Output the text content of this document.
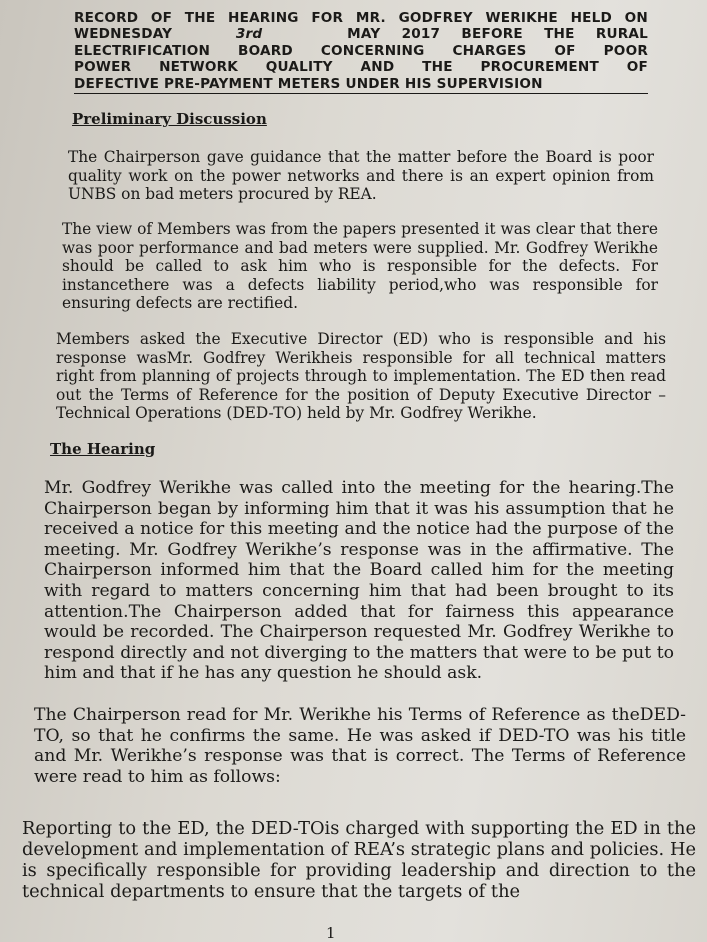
RECORD OF THE HEARING FOR MR. GODFREY WERIKHE HELD ON
WEDNESDAY	3rd	MAY 2017 BEFORE THE RURAL
ELECTRIFICATION BOARD CONCERNING CHARGES OF POOR
POWER NETWORK QUALITY AND THE PROCUREMENT OF
DEFECTIVE PRE-PAYMENT METERS UNDER HIS SUPERVISION
Preliminary Discussion

The Chairperson gave guidance that the matter before the Board is poor quality work on the power networks and there is an expert opinion from UNBS on bad meters procured by REA.

The view of Members was from the papers presented it was clear that there was poor performance and bad meters were supplied. Mr. Godfrey Werikhe should be called to ask him who is responsible for the defects. For instancethere was a defects liability period,who was responsible for ensuring defects are rectified.

Members asked the Executive Director (ED) who is responsible and his response wasMr. Godfrey Werikheis responsible for all technical matters right from planning of projects through to implementation. The ED then read out the Terms of Reference for the position of Deputy Executive Director – Technical Operations (DED-TO) held by Mr. Godfrey Werikhe.

The Hearing

Mr. Godfrey Werikhe was called into the meeting for the hearing.The Chairperson began by informing him that it was his assumption that he received a notice for this meeting and the notice had the purpose of the meeting. Mr. Godfrey Werikhe’s response was in the affirmative. The Chairperson informed him that the Board called him for the meeting with regard to matters concerning him that had been brought to its attention.The Chairperson added that for fairness this appearance would be recorded. The Chairperson requested Mr. Godfrey Werikhe to respond directly and not diverging to the matters that were to be put to him and that if he has any question he should ask.

The Chairperson read for Mr. Werikhe his Terms of Reference as theDED-TO, so that he confirms the same. He was asked if DED-TO was his title and Mr. Werikhe’s response was that is correct. The Terms of Reference were read to him as follows:

Reporting to the ED, the DED-TOis charged with supporting the ED in the development and implementation of REA’s strategic plans and policies. He is specifically responsible for providing leadership and direction to the technical departments to ensure that the targets of the

1
